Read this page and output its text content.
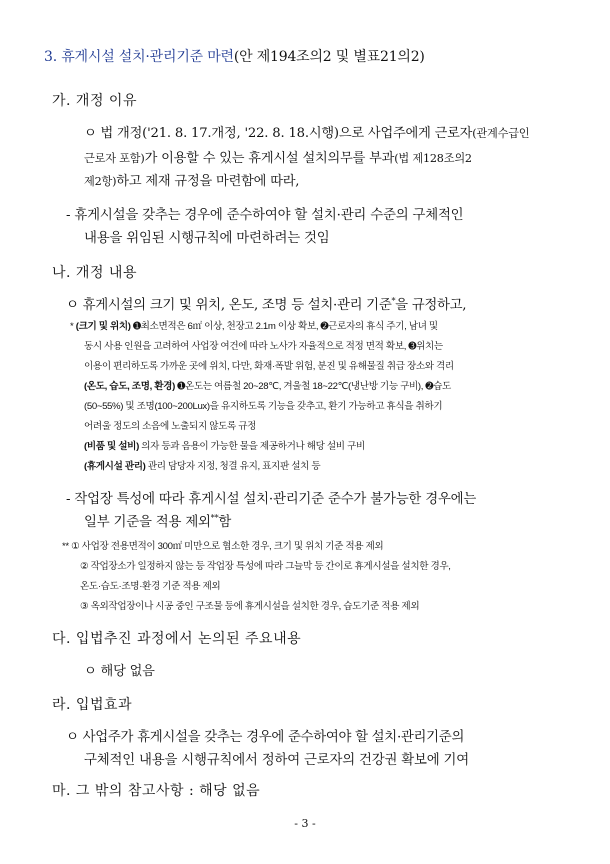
3. 휴게시설 설치·관리기준 마련(안 제194조의2 및 별표21의2)
가. 개정 이유
ㅇ 법 개정('21. 8. 17.개정, '22. 8. 18.시행)으로 사업주에게 근로자(관계수급인
근로자 포함)가 이용할 수 있는 휴게시설 설치의무를 부과(법 제128조의2
제2항)하고 제재 규정을 마련함에 따라,
- 휴게시설을 갖추는 경우에 준수하여야 할 설치·관리 수준의 구체적인
내용을 위임된 시행규칙에 마련하려는 것임
나. 개정 내용
ㅇ 휴게시설의 크기 및 위치, 온도, 조명 등 설치·관리 기준*을 규정하고,
* (크기 및 위치) ➊최소면적은 6㎡ 이상, 천장고 2.1m 이상 확보, ➋근로자의 휴식 주기, 남녀 및
동시 사용 인원을 고려하여 사업장 여건에 따라 노사가 자율적으로 적정 면적 확보, ➌위치는
이용이 편리하도록 가까운 곳에 위치, 다만, 화재·폭발 위험, 분진 및 유해물질 취급 장소와 격리
(온도, 습도, 조명, 환경) ➊온도는 여름철 20~28℃, 겨울철 18~22℃(냉난방 기능 구비), ➋습도
(50~55%) 및 조명(100~200Lux)을 유지하도록 기능을 갖추고, 환기 가능하고 휴식을 취하기
어려울 정도의 소음에 노출되지 않도록 규정
(비품 및 설비) 의자 등과 음용이 가능한 물을 제공하거나 해당 설비 구비
(휴게시설 관리) 관리 담당자 지정, 청결 유지, 표지판 설치 등
- 작업장 특성에 따라 휴게시설 설치·관리기준 준수가 불가능한 경우에는
일부 기준을 적용 제외**함
** ① 사업장 전용면적이 300㎡ 미만으로 협소한 경우, 크기 및 위치 기준 적용 제외
② 작업장소가 일정하지 않는 등 작업장 특성에 따라 그늘막 등 간이로 휴게시설을 설치한 경우,
온도·습도·조명·환경 기준 적용 제외
③ 옥외작업장이나 시공 중인 구조물 등에 휴게시설을 설치한 경우, 습도기준 적용 제외
다. 입법추진 과정에서 논의된 주요내용
ㅇ 해당 없음
라. 입법효과
ㅇ 사업주가 휴게시설을 갖추는 경우에 준수하여야 할 설치·관리기준의
구체적인 내용을 시행규칙에서 정하여 근로자의 건강권 확보에 기여
마. 그 밖의 참고사항 : 해당 없음
- 3 -
